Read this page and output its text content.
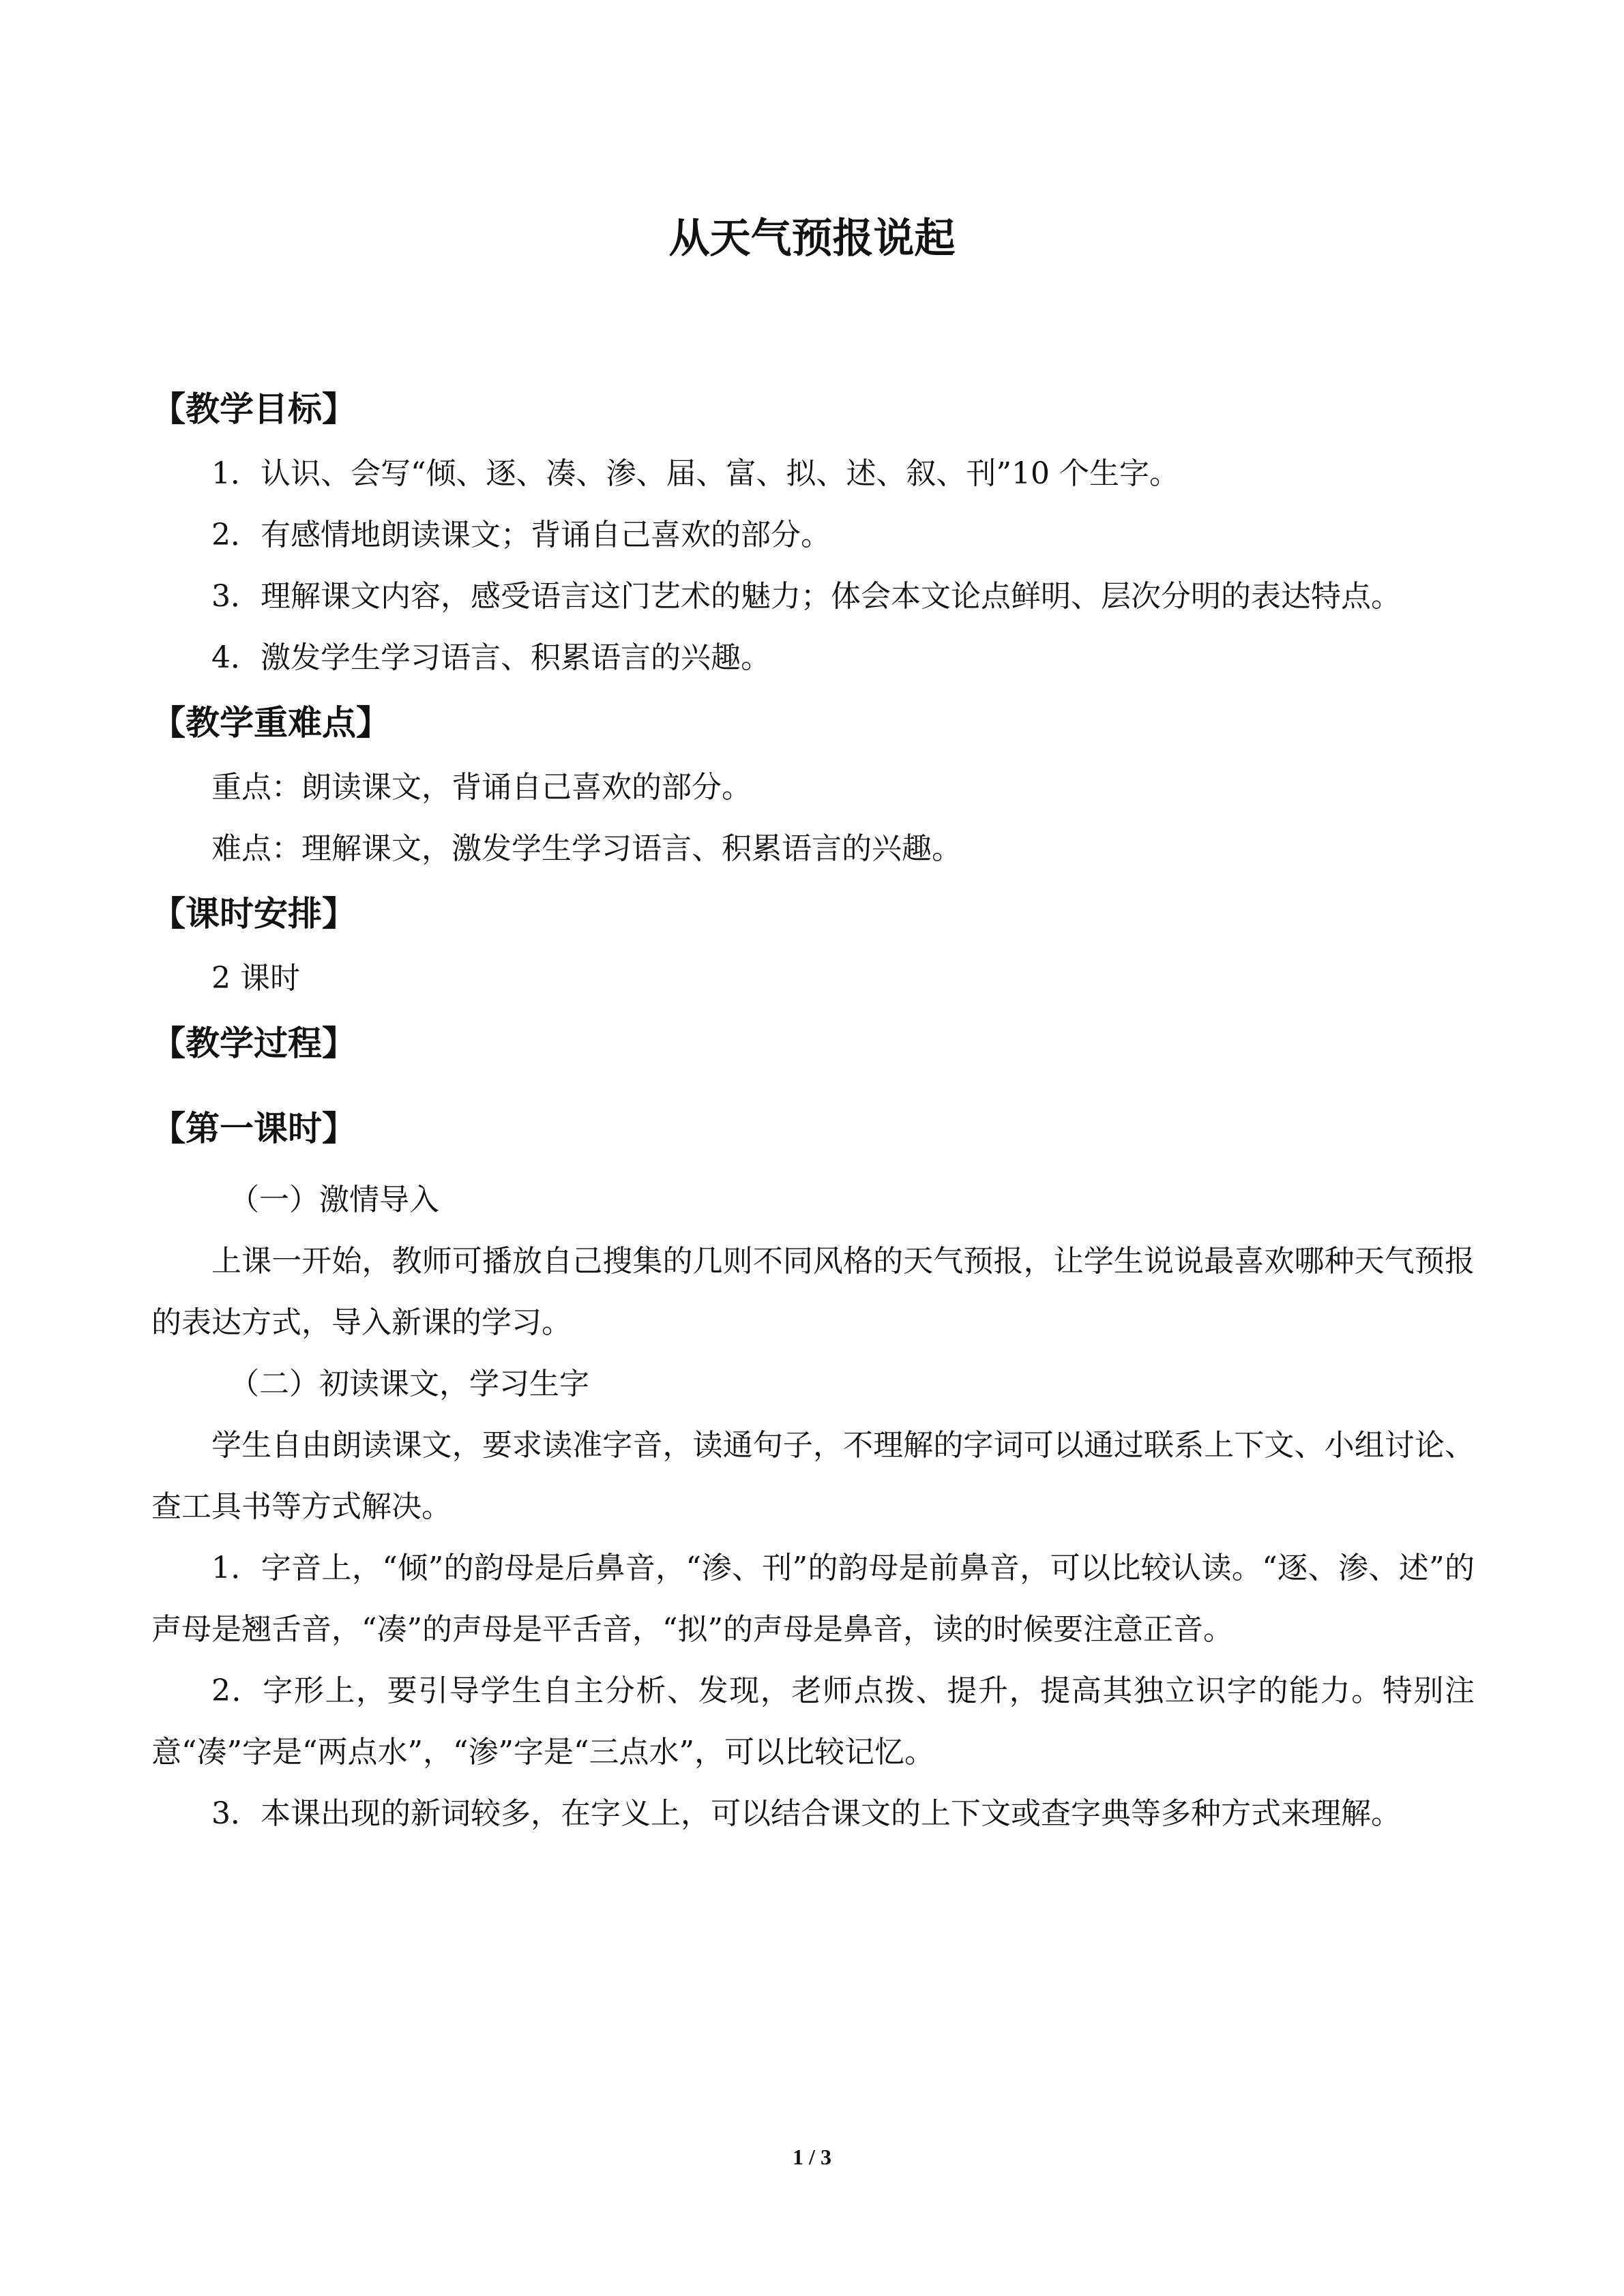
从天气预报说起
【教学目标】

1．认识、会写“倾、逐、凑、渗、届、富、拟、述、叙、刊”10 个生字。

2．有感情地朗读课文；背诵自己喜欢的部分。

3．理解课文内容，感受语言这门艺术的魅力；体会本文论点鲜明、层次分明的表达特点。

4．激发学生学习语言、积累语言的兴趣。

【教学重难点】

重点：朗读课文，背诵自己喜欢的部分。

难点：理解课文，激发学生学习语言、积累语言的兴趣。

【课时安排】

2 课时

【教学过程】
【第一课时】

（一）激情导入

上课一开始，教师可播放自己搜集的几则不同风格的天气预报，让学生说说最喜欢哪种天气预报的表达方式，导入新课的学习。

（二）初读课文，学习生字

学生自由朗读课文，要求读准字音，读通句子，不理解的字词可以通过联系上下文、小组讨论、查工具书等方式解决。

1．字音上，“倾”的韵母是后鼻音，“渗、刊”的韵母是前鼻音，可以比较认读。“逐、渗、述”的声母是翘舌音，“凑”的声母是平舌音，“拟”的声母是鼻音，读的时候要注意正音。

2．字形上，要引导学生自主分析、发现，老师点拨、提升，提高其独立识字的能力。特别注意“凑”字是“两点水”，“渗”字是“三点水”，可以比较记忆。

3．本课出现的新词较多，在字义上，可以结合课文的上下文或查字典等多种方式来理解。

1 / 3
